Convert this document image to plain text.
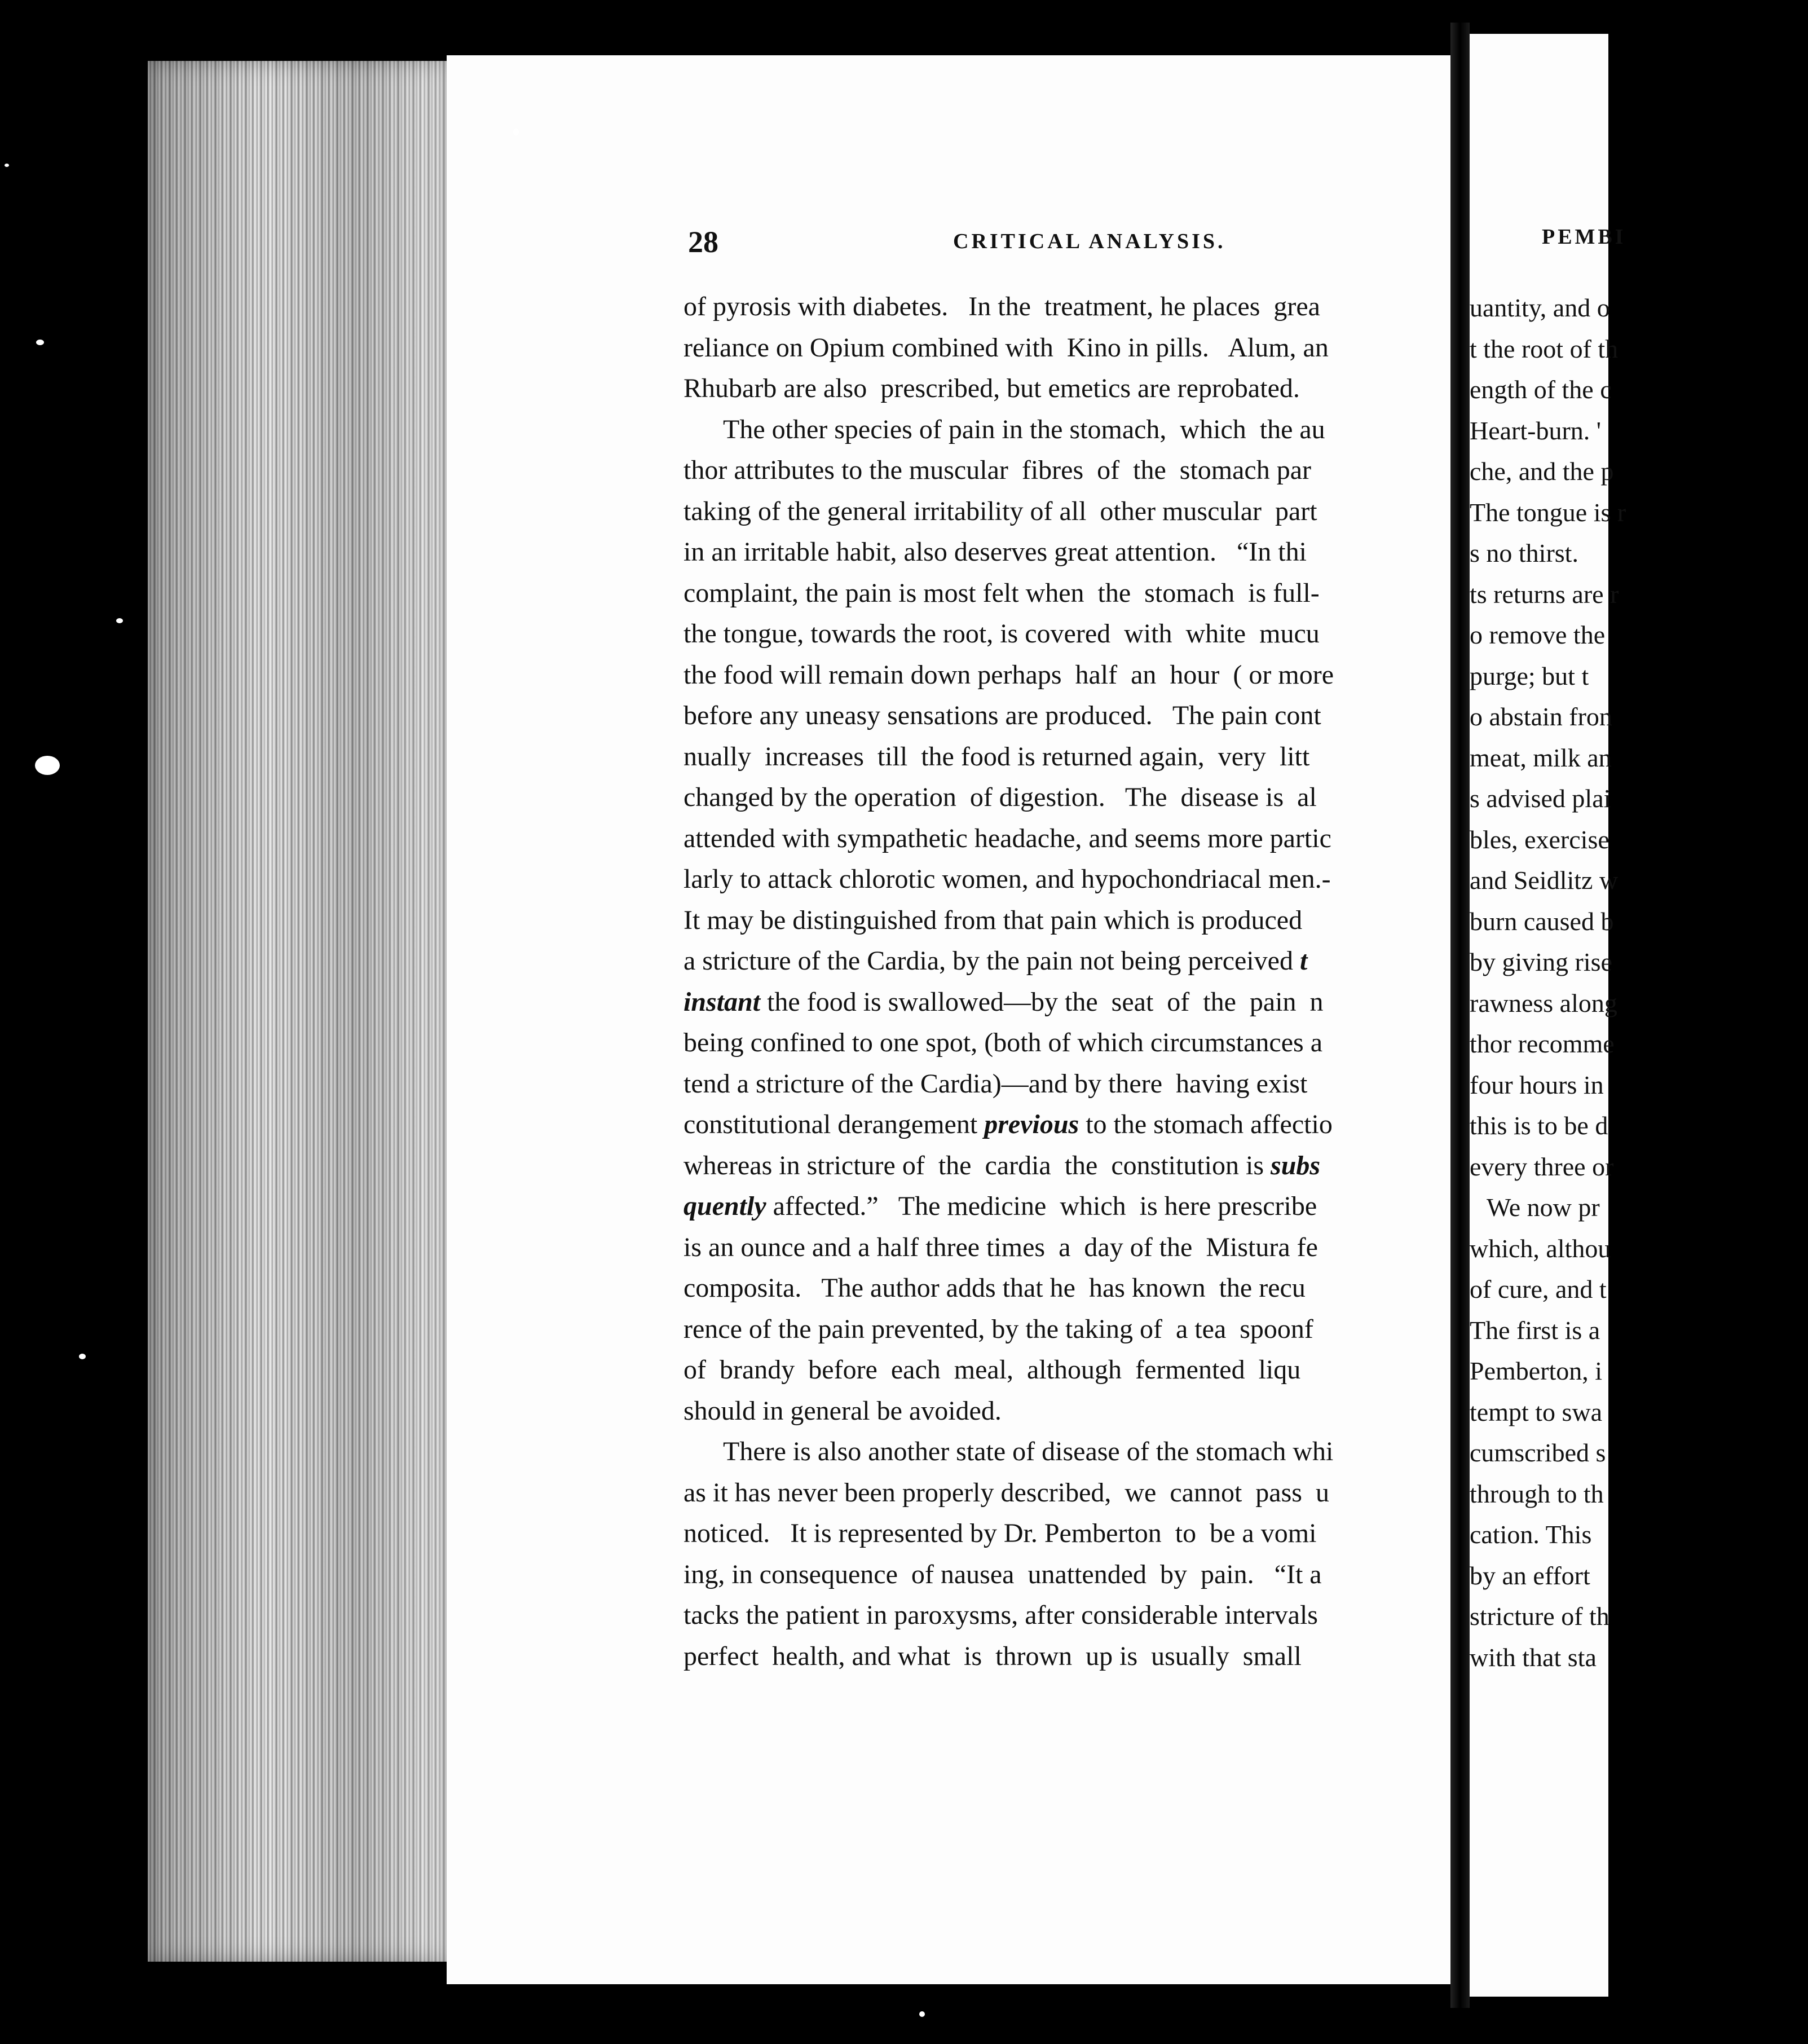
28	CRITICAL ANALYSIS.
of pyrosis with diabetes.   In the  treatment, he places  grea
reliance on Opium combined with  Kino in pills.   Alum, an
Rhubarb are also  prescribed, but emetics are reprobated.
The other species of pain in the stomach,  which  the au
thor attributes to the muscular  fibres  of  the  stomach par
taking of the general irritability of all  other muscular  part
in an irritable habit, also deserves great attention.   “In thi
complaint, the pain is most felt when  the  stomach  is full-
the tongue, towards the root, is covered  with  white  mucu
the food will remain down perhaps  half  an  hour  ( or more
before any uneasy sensations are produced.   The pain cont
nually  increases  till  the food is returned again,  very  litt
changed by the operation  of digestion.   The  disease is  al
attended with sympathetic headache, and seems more partic
larly to attack chlorotic women, and hypochondriacal men.-
It may be distinguished from that pain which is produced
a stricture of the Cardia, by the pain not being perceived t
instant the food is swallowed—by the  seat  of  the  pain  n
being confined to one spot, (both of which circumstances a
tend a stricture of the Cardia)—and by there  having exist
constitutional derangement previous to the stomach affectio
whereas in stricture of  the  cardia  the  constitution is subs
quently affected.”   The medicine  which  is here prescribe
is an ounce and a half three times  a  day of the  Mistura fe
composita.   The author adds that he  has known  the recu
rence of the pain prevented, by the taking of  a tea  spoonf
of  brandy  before  each  meal,  although  fermented  liqu
should in general be avoided.
There is also another state of disease of the stomach whi
as it has never been properly described,  we  cannot  pass  u
noticed.   It is represented by Dr. Pemberton  to  be a vomi
ing, in consequence  of nausea  unattended  by  pain.   “It a
tacks the patient in paroxysms, after considerable intervals
perfect  health, and what  is  thrown  up is  usually  small
PEMBI
uantity, and o
t the root of th
ength of the c
Heart-burn. '
che, and the p
The tongue is r
s no thirst.
ts returns are r
o remove the
purge; but t
o abstain fron
meat, milk an
s advised plai
bles, exercise
and Seidlitz w
burn caused b
by giving rise
rawness along
thor recomme
four hours in
this is to be d
every three or
We now pr
which, althou
of cure, and t
The first is a
Pemberton, i
tempt to swa
cumscribed s
through to th
cation. This
by an effort
stricture of th
with that sta
